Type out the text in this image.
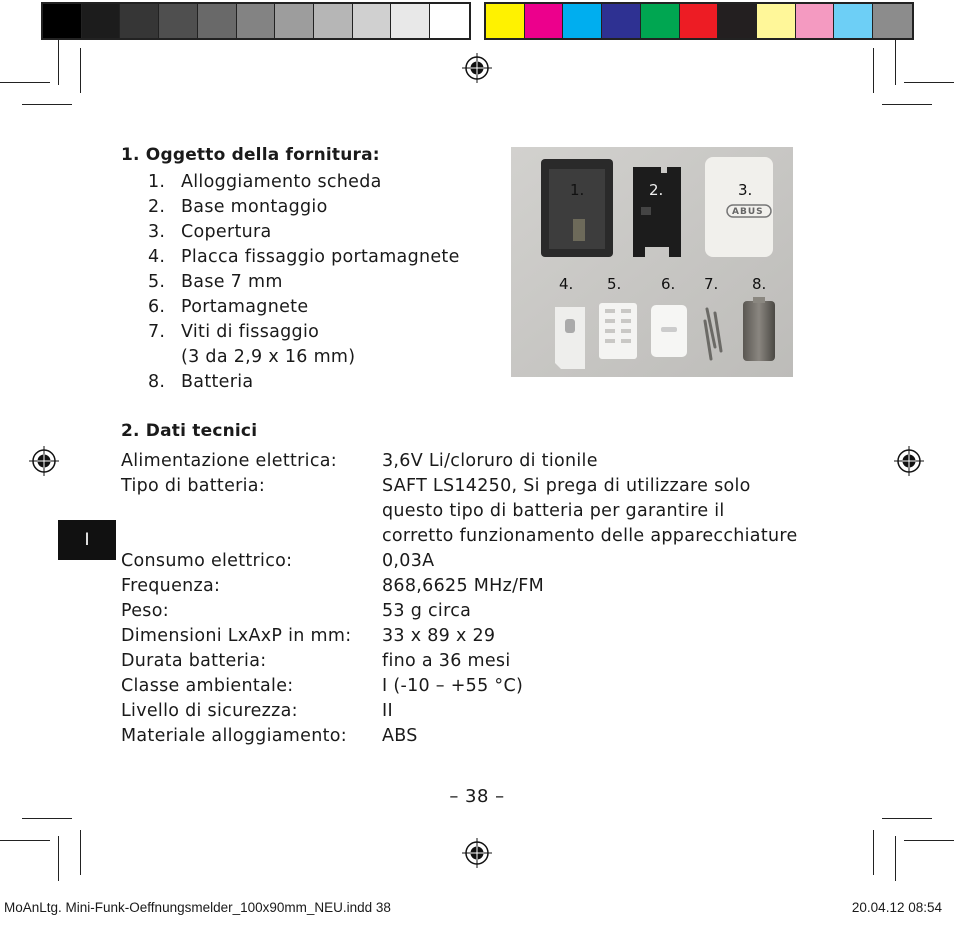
1. Oggetto della fornitura:
1. Alloggiamento scheda
2. Base montaggio
3. Copertura
4. Placca fissaggio portamagnete
5. Base 7 mm
6. Portamagnete
7. Viti di fissaggio
(3 da 2,9 x 16 mm)
8. Batteria
1.	2.	3.
4. 5.	6. 7. 8.
ABUS
2. Dati tecnici
Alimentazione elettrica:	3,6V Li/cloruro di tionile
Tipo di batteria:	SAFT LS14250, Si prega di utilizzare solo questo tipo di batteria per garantire il corretto funzionamento delle apparecchiature
Consumo elettrico:	0,03A
Frequenza:	868,6625 MHz/FM
Peso:	53 g circa
Dimensioni LxAxP in mm:	33 x 89 x 29
Durata batteria:	fino a 36 mesi
Classe ambientale:	I (-10 – +55 °C)
Livello di sicurezza:	II
Materiale alloggiamento:	ABS
I
– 38 –
MoAnLtg. Mini-Funk-Oeffnungsmelder_100x90mm_NEU.indd 38	20.04.12 08:54
